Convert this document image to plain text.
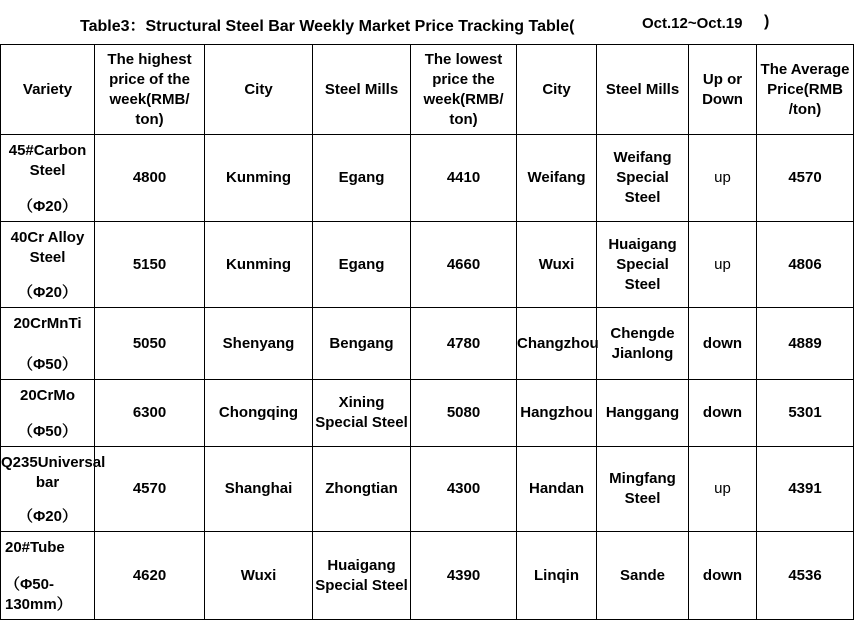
Table3：Structural Steel Bar Weekly Market Price Tracking Table(	Oct.12~Oct.19 )
Variety	The highest price of the week(RMB/ ton)	City	Steel Mills	The lowest price the week(RMB/ ton)	City	Steel Mills	Up or Down	The Average Price(RMB /ton)

45#Carbon Steel
（Φ20）	4800	Kunming	Egang	4410	Weifang	Weifang Special Steel	up	4570

40Cr Alloy Steel
（Φ20）	5150	Kunming	Egang	4660	Wuxi	Huaigang Special Steel	up	4806

20CrMnTi
（Φ50）	5050	Shenyang	Bengang	4780	Changzhou	Chengde Jianlong	down	4889

20CrMo
（Φ50）	6300	Chongqing	Xining Special Steel	5080	Hangzhou	Hanggang	down	5301

Q235Universal bar
（Φ20）	4570	Shanghai	Zhongtian	4300	Handan	Mingfang Steel	up	4391

20#Tube
（Φ50-130mm）	4620	Wuxi	Huaigang Special Steel	4390	Linqin	Sande	down	4536
